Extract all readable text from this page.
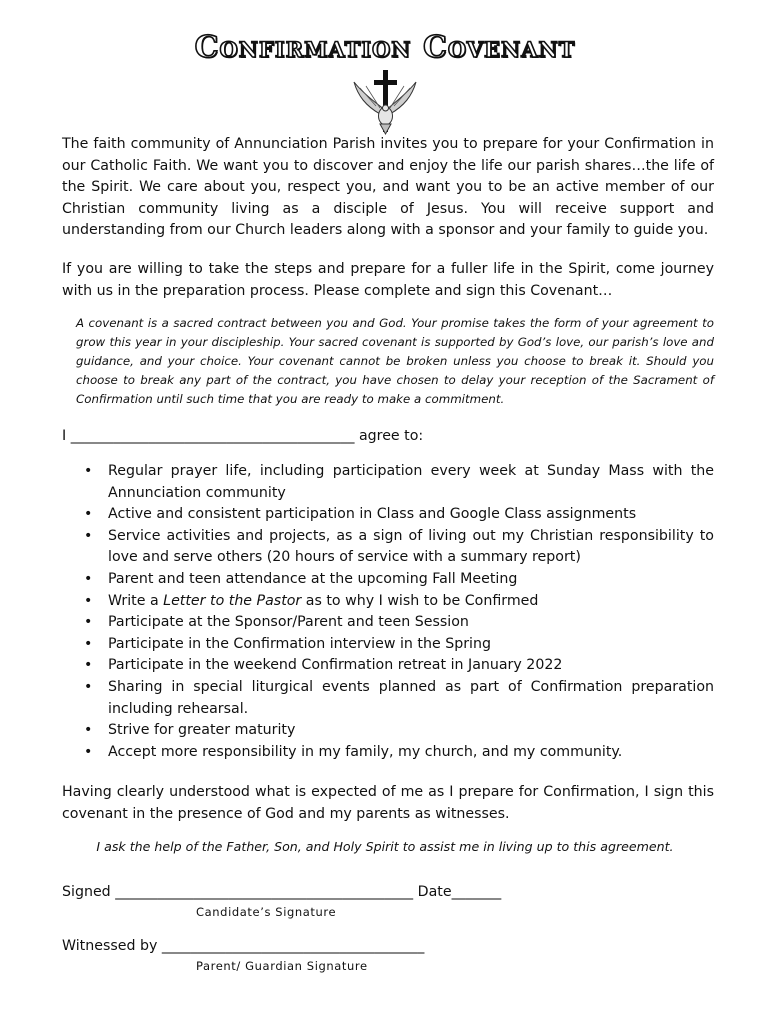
Confirmation Covenant

The faith community of Annunciation Parish invites you to prepare for your Confirmation in our Catholic Faith. We want you to discover and enjoy the life our parish shares…the life of the Spirit. We care about you, respect you, and want you to be an active member of our Christian community living as a disciple of Jesus. You will receive support and understanding from our Church leaders along with a sponsor and your family to guide you.

If you are willing to take the steps and prepare for a fuller life in the Spirit, come journey with us in the preparation process. Please complete and sign this Covenant…

A covenant is a sacred contract between you and God. Your promise takes the form of your agreement to grow this year in your discipleship. Your sacred covenant is supported by God’s love, our parish’s love and guidance, and your choice. Your covenant cannot be broken unless you choose to break it. Should you choose to break any part of the contract, you have chosen to delay your reception of the Sacrament of Confirmation until such time that you are ready to make a commitment.

I ________________________________________ agree to:

• Regular prayer life, including participation every week at Sunday Mass with the Annunciation community
• Active and consistent participation in Class and Google Class assignments
• Service activities and projects, as a sign of living out my Christian responsibility to love and serve others (20 hours of service with a summary report)
• Parent and teen attendance at the upcoming Fall Meeting
• Write a Letter to the Pastor as to why I wish to be Confirmed
• Participate at the Sponsor/Parent and teen Session
• Participate in the Confirmation interview in the Spring
• Participate in the weekend Confirmation retreat in January 2022
• Sharing in special liturgical events planned as part of Confirmation preparation including rehearsal.
• Strive for greater maturity
• Accept more responsibility in my family, my church, and my community.

Having clearly understood what is expected of me as I prepare for Confirmation, I sign this covenant in the presence of God and my parents as witnesses.

I ask the help of the Father, Son, and Holy Spirit to assist me in living up to this agreement.

Signed __________________________________________ Date_______

Candidate’s Signature

Witnessed by _____________________________________

Parent/ Guardian Signature
